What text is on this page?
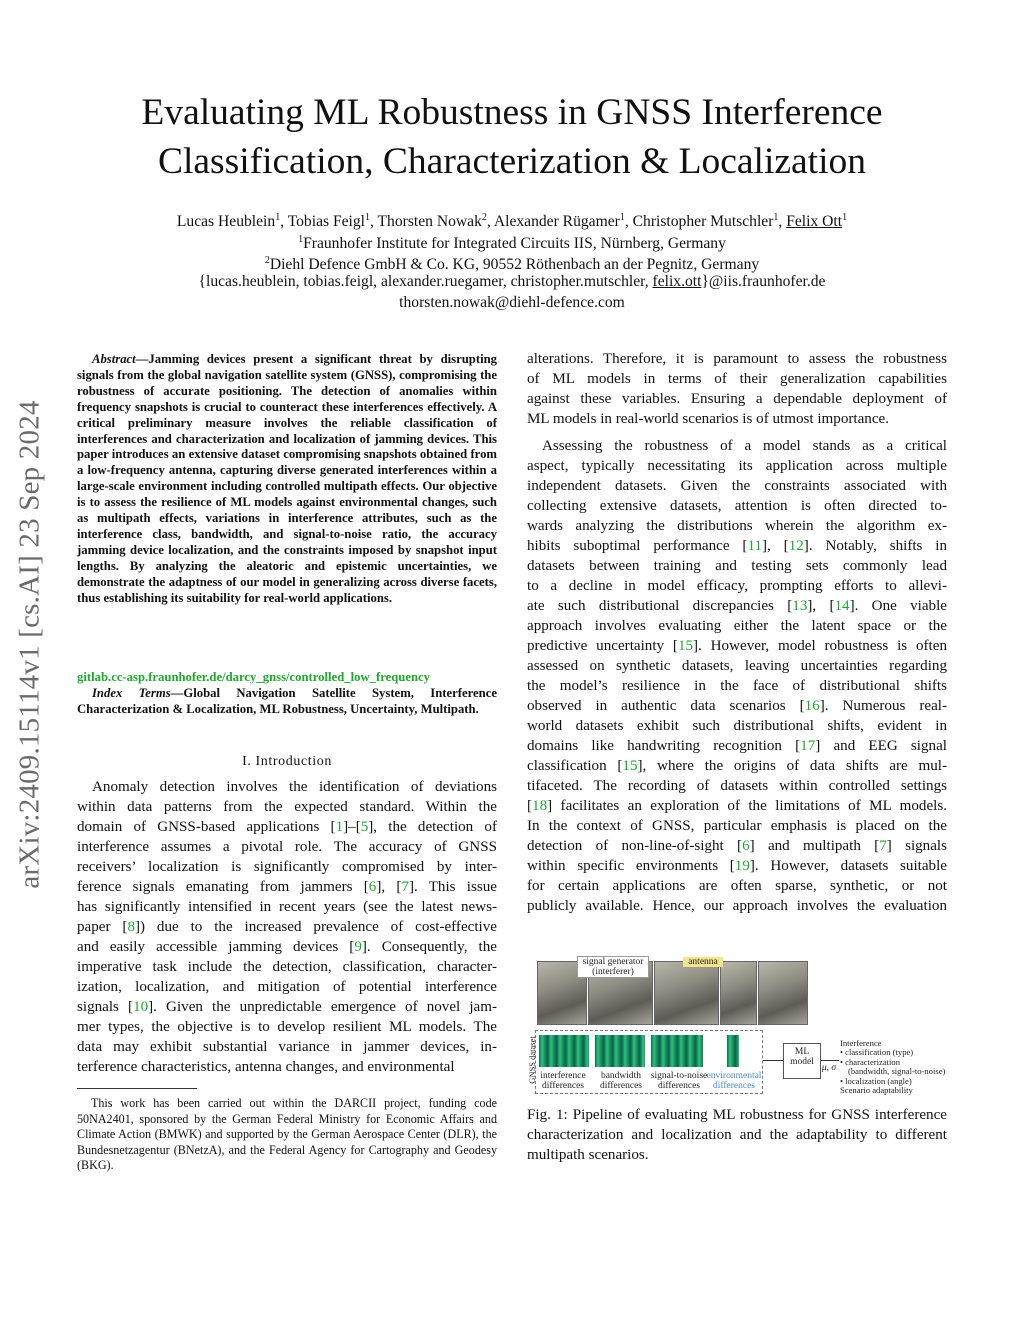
Evaluating ML Robustness in GNSS Interference
Classification, Characterization & Localization
Lucas Heublein$^1$, Tobias Feigl$^1$, Thorsten Nowak$^2$, Alexander Rügamer$^1$, Christopher Mutschler$^1$, Felix Ott$^1$
$^1$Fraunhofer Institute for Integrated Circuits IIS, Nürnberg, Germany
$^2$Diehl Defence GmbH & Co. KG, 90552 Röthenbach an der Pegnitz, Germany
{lucas.heublein, tobias.feigl, alexander.ruegamer, christopher.mutschler, felix.ott}@iis.fraunhofer.de
thorsten.nowak@diehl-defence.com
arXiv:2409.15114v1 [cs.AI] 23 Sep 2024
Abstract—Jamming devices present a significant threat by disrupting signals from the global navigation satellite system (GNSS), compromising the robustness of accurate positioning. The detection of anomalies within frequency snapshots is crucial to counteract these interferences effectively. A critical preliminary measure involves the reliable classification of interferences and characterization and localization of jamming devices. This paper introduces an extensive dataset compromising snapshots obtained from a low-frequency antenna, capturing diverse generated interferences within a large-scale environment including controlled multipath effects. Our objective is to assess the resilience of ML models against environmental changes, such as multipath effects, variations in interference attributes, such as the interference class, bandwidth, and signal-to-noise ratio, the accuracy jamming device localization, and the constraints imposed by snapshot input lengths. By analyzing the aleatoric and epistemic uncertainties, we demonstrate the adaptness of our model in generalizing across diverse facets, thus establishing its suitability for real-world applications.
gitlab.cc-asp.fraunhofer.de/darcy_gnss/controlled_low_frequency
Index Terms—Global Navigation Satellite System, Interference Characterization & Localization, ML Robustness, Uncertainty, Multipath.
I. Introduction
Anomaly detection involves the identification of deviations
within data patterns from the expected standard. Within the
domain of GNSS-based applications [1]–[5], the detection of
interference assumes a pivotal role. The accuracy of GNSS
receivers’ localization is significantly compromised by inter-
ference signals emanating from jammers [6], [7]. This issue
has significantly intensified in recent years (see the latest news-
paper [8]) due to the increased prevalence of cost-effective
and easily accessible jamming devices [9]. Consequently, the
imperative task include the detection, classification, character-
ization, localization, and mitigation of potential interference
signals [10]. Given the unpredictable emergence of novel jam-
mer types, the objective is to develop resilient ML models. The
data may exhibit substantial variance in jammer devices, in-
terference characteristics, antenna changes, and environmental
This work has been carried out within the DARCII project, funding code 50NA2401, sponsored by the German Federal Ministry for Economic Affairs and Climate Action (BMWK) and supported by the German Aerospace Center (DLR), the Bundesnetzagentur (BNetzA), and the Federal Agency for Cartography and Geodesy (BKG).
alterations. Therefore, it is paramount to assess the robustness
of ML models in terms of their generalization capabilities
against these variables. Ensuring a dependable deployment of
ML models in real-world scenarios is of utmost importance.
Assessing the robustness of a model stands as a critical
aspect, typically necessitating its application across multiple
independent datasets. Given the constraints associated with
collecting extensive datasets, attention is often directed to-
wards analyzing the distributions wherein the algorithm ex-
hibits suboptimal performance [11], [12]. Notably, shifts in
datasets between training and testing sets commonly lead
to a decline in model efficacy, prompting efforts to allevi-
ate such distributional discrepancies [13], [14]. One viable
approach involves evaluating either the latent space or the
predictive uncertainty [15]. However, model robustness is often
assessed on synthetic datasets, leaving uncertainties regarding
the model’s resilience in the face of distributional shifts
observed in authentic data scenarios [16]. Numerous real-
world datasets exhibit such distributional shifts, evident in
domains like handwriting recognition [17] and EEG signal
classification [15], where the origins of data shifts are mul-
tifaceted. The recording of datasets within controlled settings
[18] facilitates an exploration of the limitations of ML models.
In the context of GNSS, particular emphasis is placed on the
detection of non-line-of-sight [6] and multipath [7] signals
within specific environments [19]. However, datasets suitable
for certain applications are often sparse, synthetic, or not
publicly available. Hence, our approach involves the evaluation
signal generator
(interferer)
antenna
GNSS dataset interference
differences
bandwidth
differences
signal-to-noise
differences
environmental
differences
ML
model
μ, σ
Interference
• classification (type)
• characterization
(bandwidth, signal-to-noise)
• localization (angle)
Scenario adaptability
Fig. 1: Pipeline of evaluating ML robustness for GNSS interference characterization and localization and the adaptability to different multipath scenarios.
